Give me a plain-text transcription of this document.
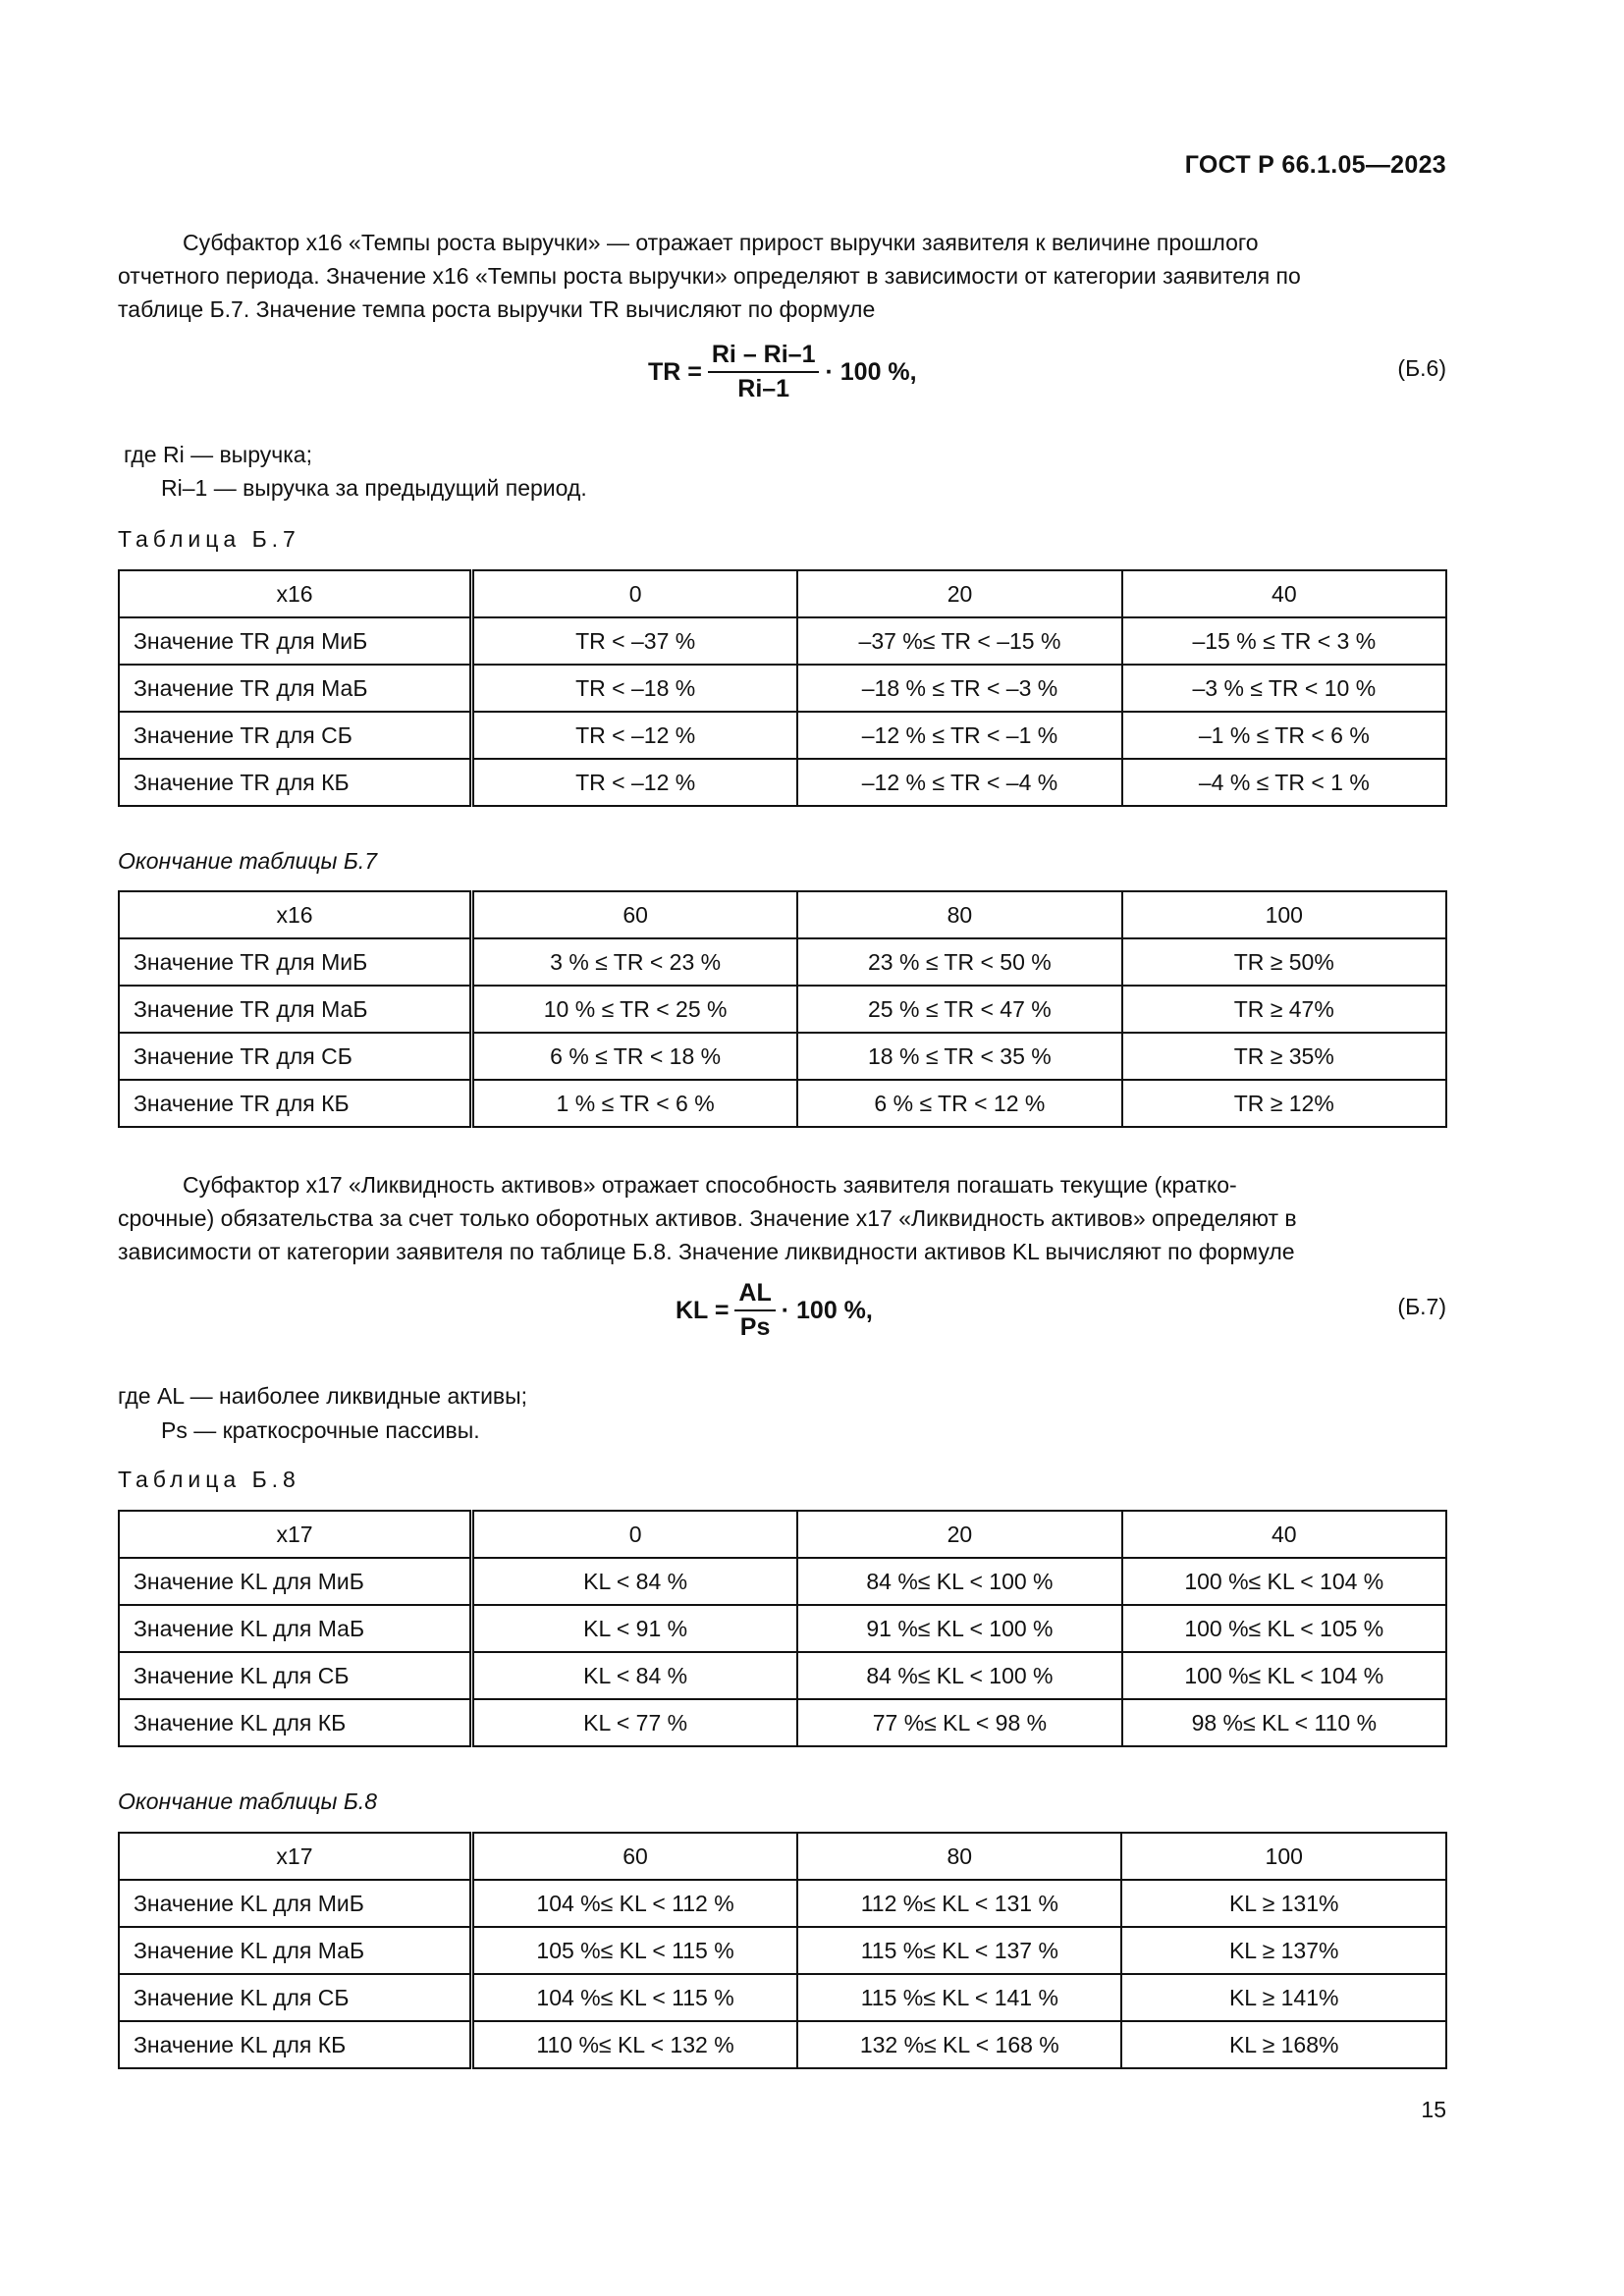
ГОСТ Р 66.1.05—2023
Субфактор x16 «Темпы роста выручки» — отражает прирост выручки заявителя к величине прошлого
отчетного периода. Значение x16 «Темпы роста выручки» определяют в зависимости от категории заявителя по
таблице Б.7. Значение темпа роста выручки TR вычисляют по формуле
TR = $\frac{Ri - Ri-1}{Ri-1} \cdot 100$ %,	(Б.6)
где Ri — выручка;
Ri–1 — выручка за предыдущий период.
Таблица Б.7
x16	0	20	40
Значение TR для МиБ	TR < –37 %	–37 %≤ TR < –15 %	–15 % ≤ TR < 3 %
Значение TR для МаБ	TR < –18 %	–18 % ≤ TR < –3 %	–3 % ≤ TR < 10 %
Значение TR для СБ	TR < –12 %	–12 % ≤ TR < –1 %	–1 % ≤ TR < 6 %
Значение TR для КБ	TR < –12 %	–12 % ≤ TR < –4 %	–4 % ≤ TR < 1 %
Окончание таблицы Б.7
x16	60	80	100
Значение TR для МиБ	3 % ≤ TR < 23 %	23 % ≤ TR < 50 %	TR ≥ 50%
Значение TR для МаБ	10 % ≤ TR < 25 %	25 % ≤ TR < 47 %	TR ≥ 47%
Значение TR для СБ	6 % ≤ TR < 18 %	18 % ≤ TR < 35 %	TR ≥ 35%
Значение TR для КБ	1 % ≤ TR < 6 %	6 % ≤ TR < 12 %	TR ≥ 12%
Субфактор x17 «Ликвидность активов» отражает способность заявителя погашать текущие (кратко-
срочные) обязательства за счет только оборотных активов. Значение x17 «Ликвидность активов» определяют в
зависимости от категории заявителя по таблице Б.8. Значение ликвидности активов KL вычисляют по формуле
KL = $\frac{AL}{Ps} \cdot 100$ %,	(Б.7)
где AL — наиболее ликвидные активы;
Ps — краткосрочные пассивы.
Таблица Б.8
x17	0	20	40
Значение KL для МиБ	KL < 84 %	84 %≤ KL < 100 %	100 %≤ KL < 104 %
Значение KL для МаБ	KL < 91 %	91 %≤ KL < 100 %	100 %≤ KL < 105 %
Значение KL для СБ	KL < 84 %	84 %≤ KL < 100 %	100 %≤ KL < 104 %
Значение KL для КБ	KL < 77 %	77 %≤ KL < 98 %	98 %≤ KL < 110 %
Окончание таблицы Б.8
x17	60	80	100
Значение KL для МиБ	104 %≤ KL < 112 %	112 %≤ KL < 131 %	KL ≥ 131%
Значение KL для МаБ	105 %≤ KL < 115 %	115 %≤ KL < 137 %	KL ≥ 137%
Значение KL для СБ	104 %≤ KL < 115 %	115 %≤ KL < 141 %	KL ≥ 141%
Значение KL для КБ	110 %≤ KL < 132 %	132 %≤ KL < 168 %	KL ≥ 168%
15
